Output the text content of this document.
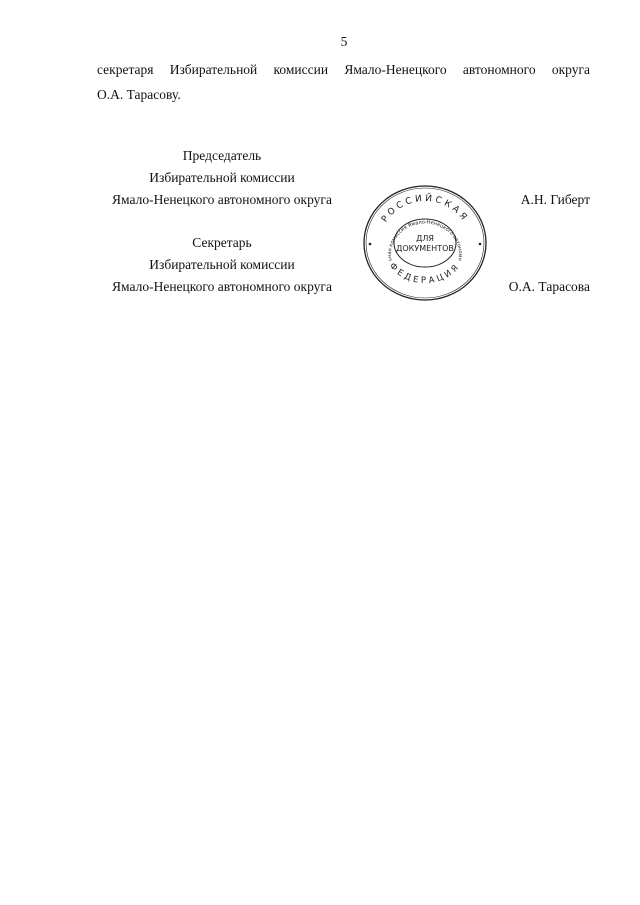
5
секретаря Избирательной комиссии Ямало-Ненецкого автономного округа
О.А. Тарасову.
Председатель
Избирательной комиссии
Ямало-Ненецкого автономного округа	А.Н. Гиберт
Секретарь
Избирательной комиссии
Ямало-Ненецкого автономного округа	О.А. Тарасова
РОССИЙСКАЯ
ФЕДЕРАЦИЯ
ьная комиссия Ямало-Ненецкого автономн
ДЛЯ
ДОКУМЕНТОВ
